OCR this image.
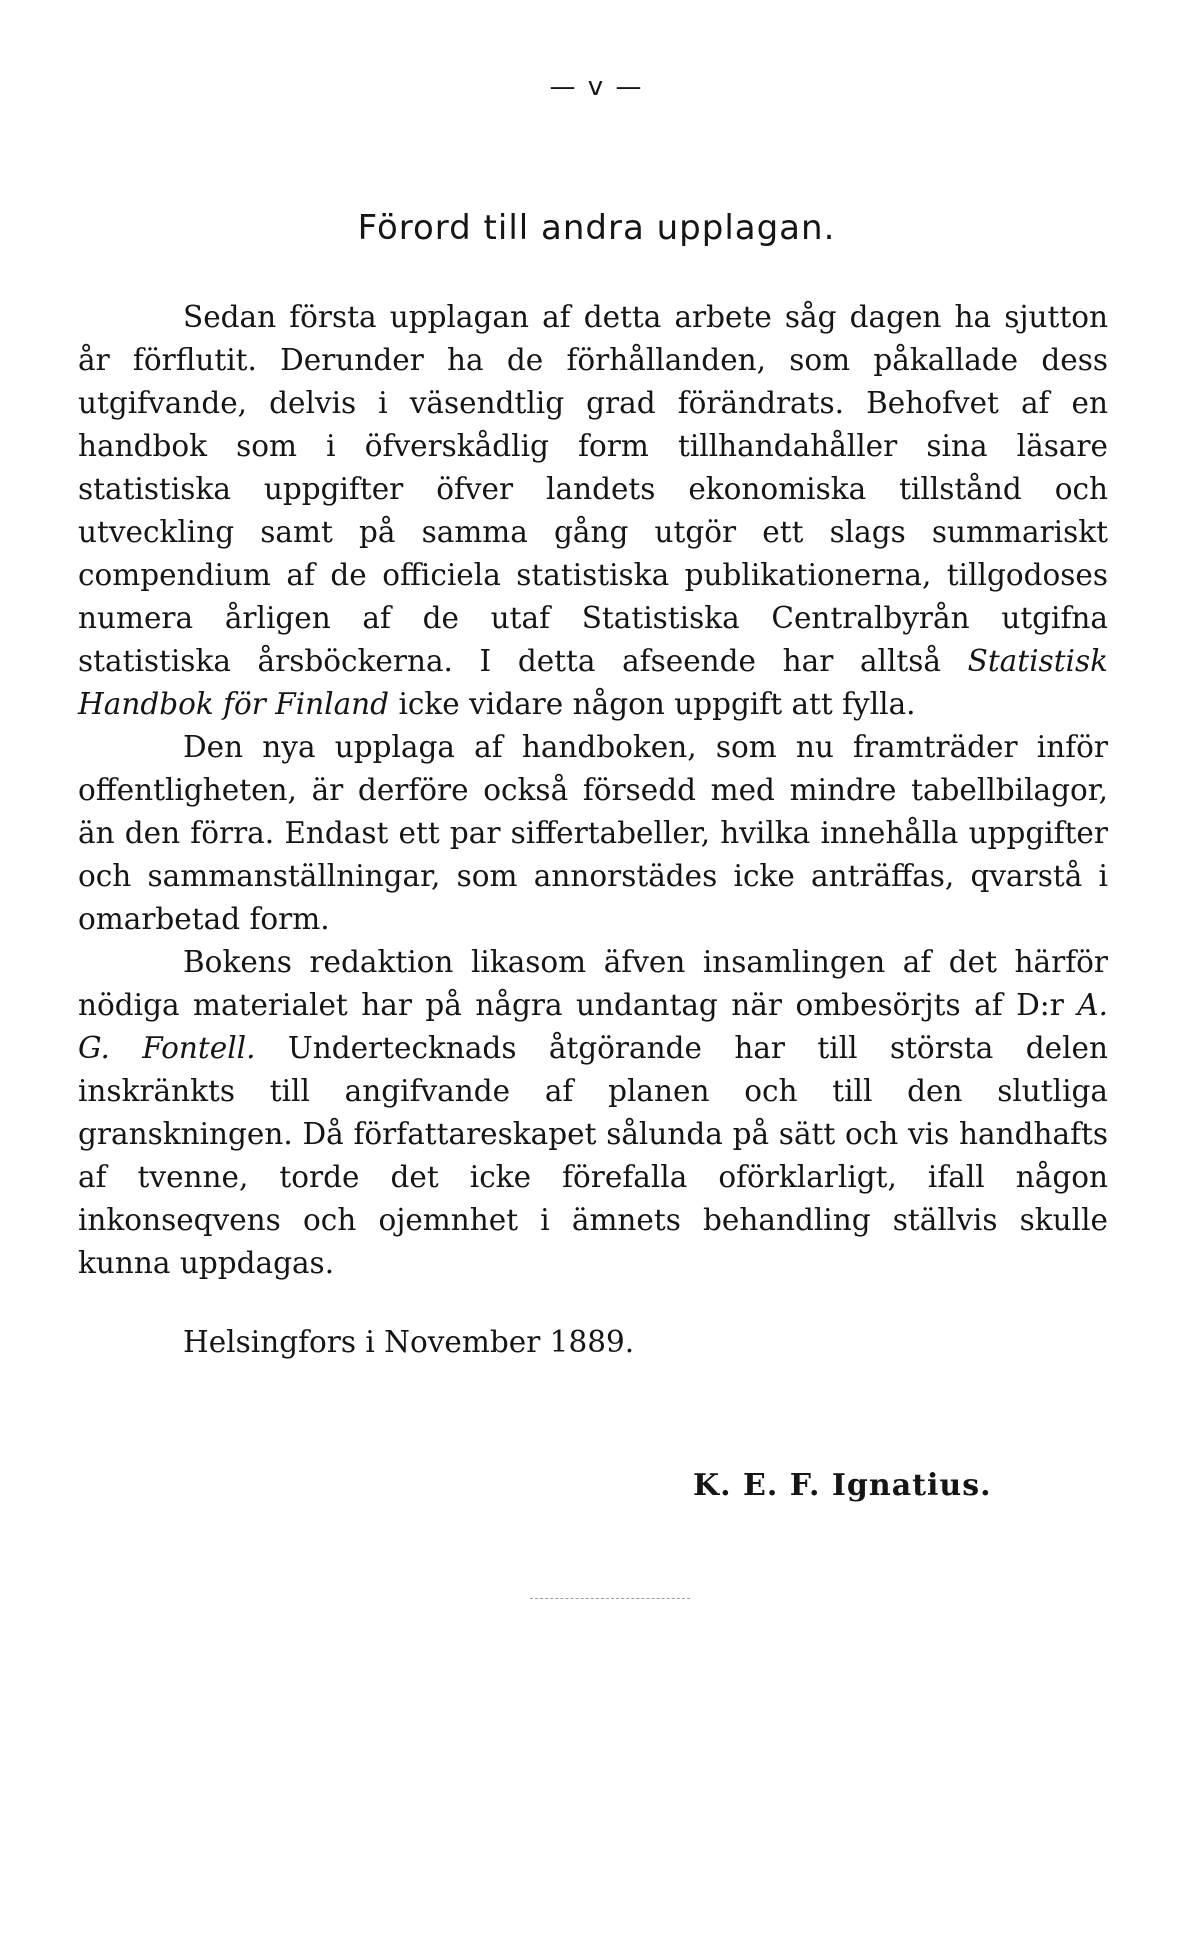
— v —
Förord till andra upplagan.

Sedan första upplagan af detta arbete såg dagen ha sjutton år förflutit. Derunder ha de förhållanden, som påkallade dess utgifvande, delvis i väsendtlig grad förändrats. Behofvet af en handbok som i öfverskådlig form tillhandahåller sina läsare statistiska uppgifter öfver landets ekonomiska tillstånd och utveckling samt på samma gång utgör ett slags summariskt compendium af de officiela statistiska publikationerna, tillgodoses numera årligen af de utaf Statistiska Centralbyrån utgifna statistiska årsböckerna. I detta afseende har alltså Statistisk Handbok för Finland icke vidare någon uppgift att fylla.

Den nya upplaga af handboken, som nu framträder inför offentligheten, är derföre också försedd med mindre tabellbilagor, än den förra. Endast ett par siffertabeller, hvilka innehålla uppgifter och sammanställningar, som annorstädes icke anträffas, qvarstå i omarbetad form.

Bokens redaktion likasom äfven insamlingen af det härför nödiga materialet har på några undantag när ombesörjts af D:r A. G. Fontell. Undertecknads åtgörande har till största delen inskränkts till angifvande af planen och till den slutliga granskningen. Då författareskapet sålunda på sätt och vis handhafts af tvenne, torde det icke förefalla oförklarligt, ifall någon inkonseqvens och ojemnhet i ämnets behandling ställvis skulle kunna uppdagas.

Helsingfors i November 1889.
K. E. F. Ignatius.
